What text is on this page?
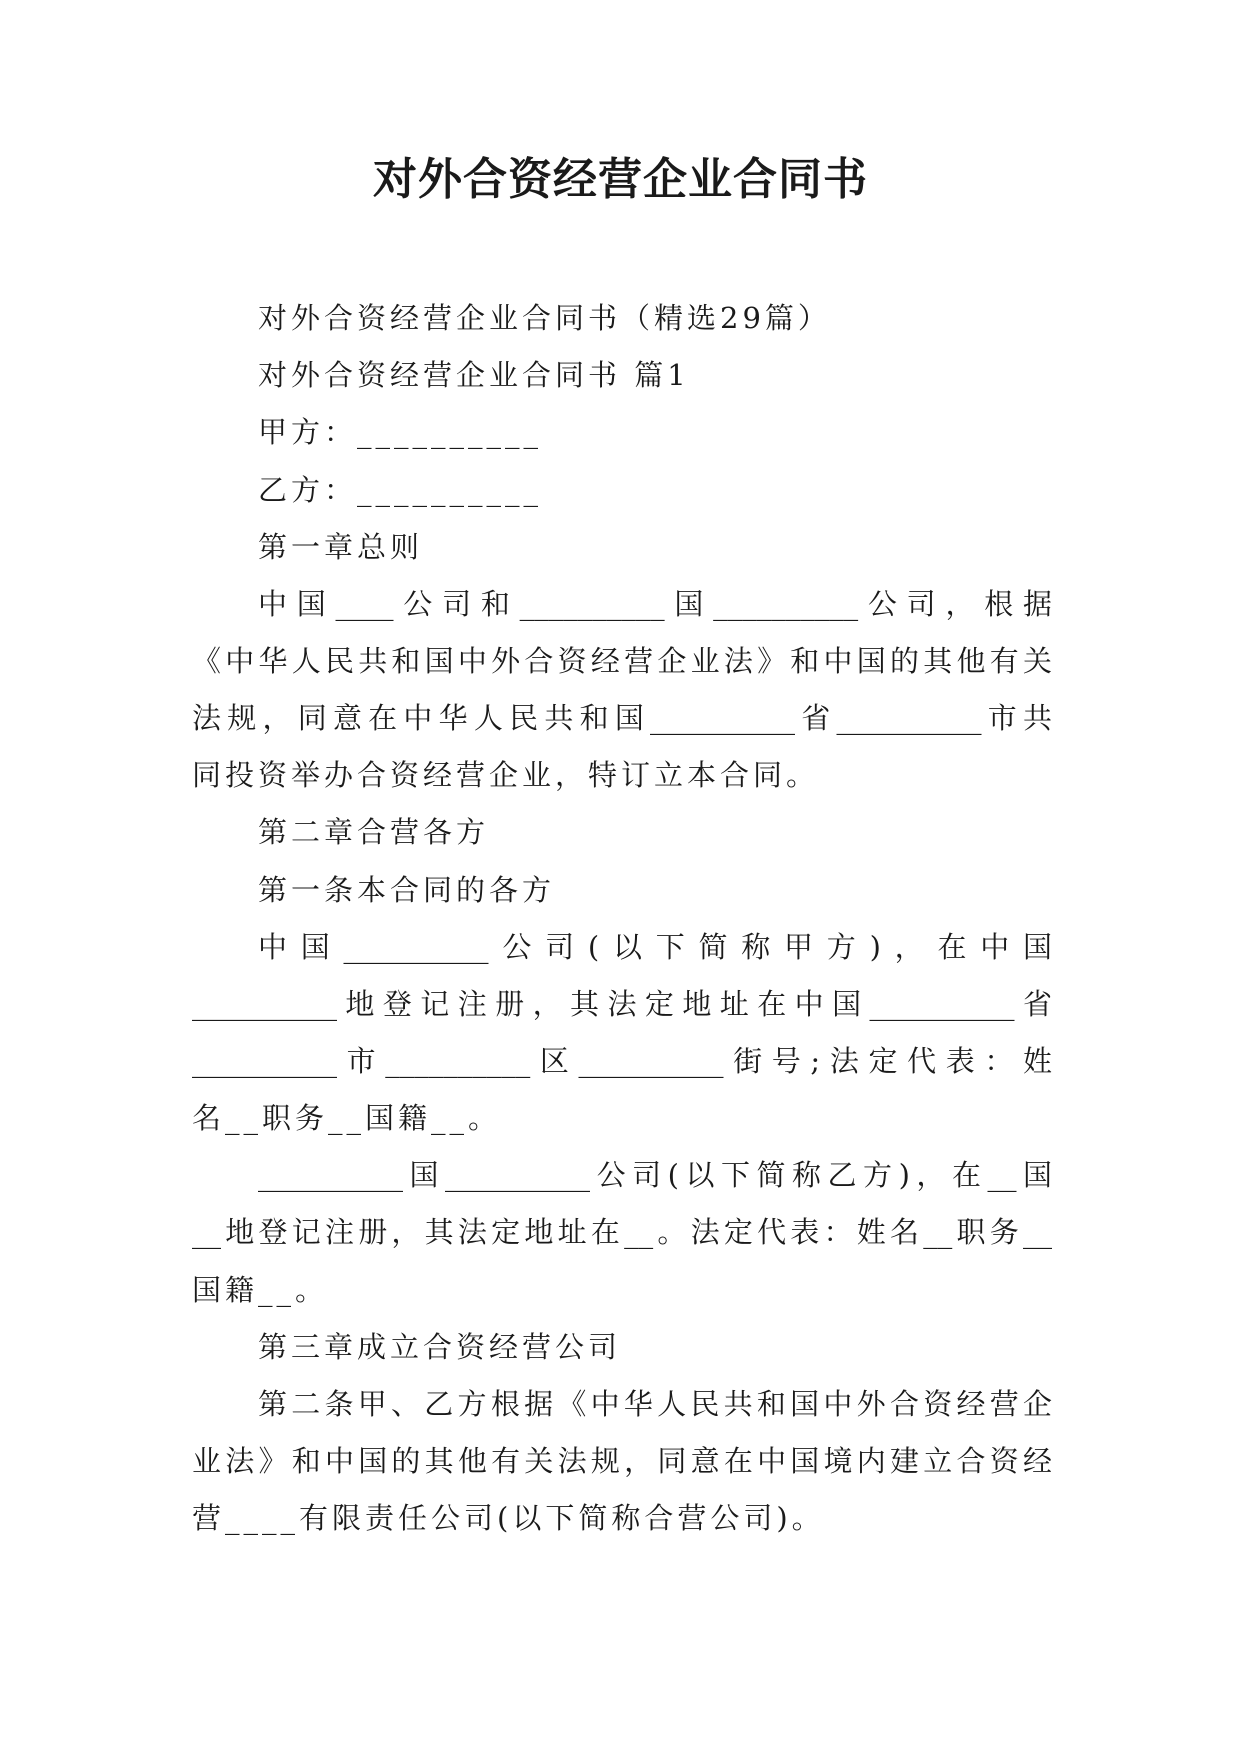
对外合资经营企业合同书

对外合资经营企业合同书（精选29篇）

对外合资经营企业合同书 篇1

甲方：__________

乙方：__________

第一章总则

中国____公司和__________国__________公司，根据

《中华人民共和国中外合资经营企业法》和中国的其他有关

法规，同意在中华人民共和国__________省__________市共

同投资举办合资经营企业，特订立本合同。

第二章合营各方

第一条本合同的各方

中国__________公司(以下简称甲方)，在中国

__________地登记注册，其法定地址在中国__________省

__________市__________区__________街号;法定代表：姓

名__职务__国籍__。

__________国__________公司(以下简称乙方)，在__国

__地登记注册，其法定地址在__。法定代表：姓名__职务__

国籍__。

第三章成立合资经营公司

第二条甲、乙方根据《中华人民共和国中外合资经营企

业法》和中国的其他有关法规，同意在中国境内建立合资经

营____有限责任公司(以下简称合营公司)。
